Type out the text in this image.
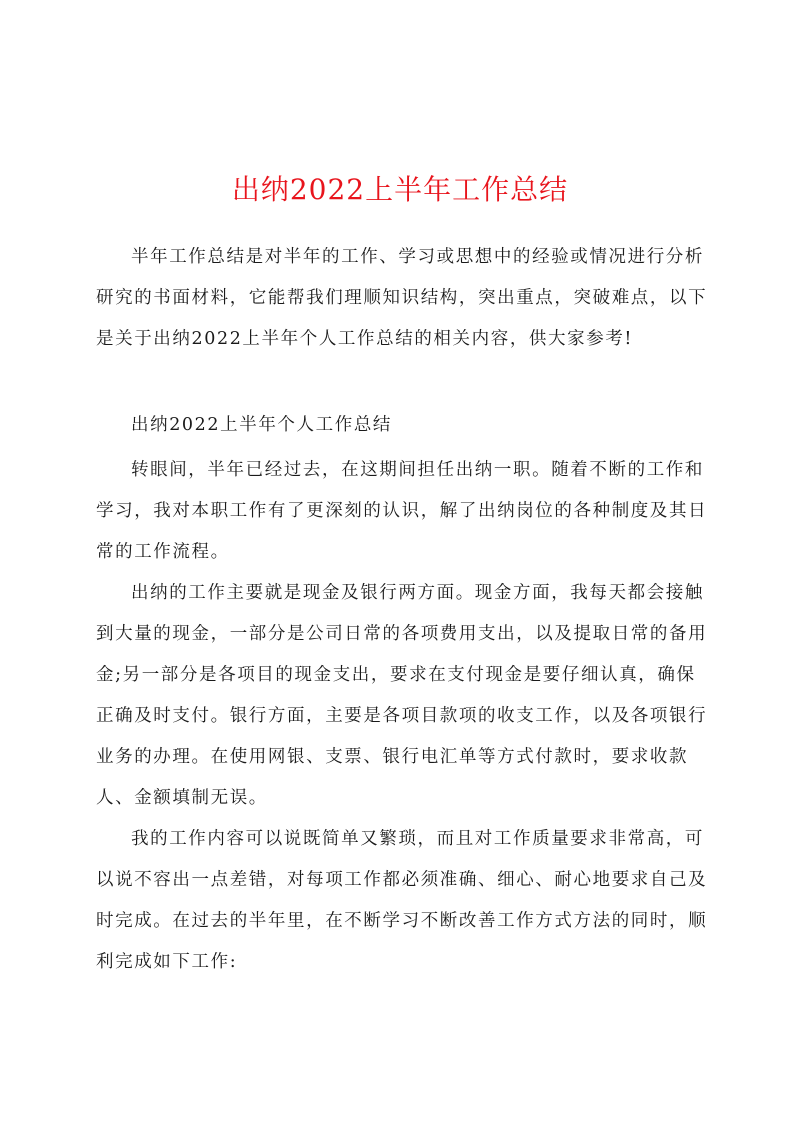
出纳2022上半年工作总结

半年工作总结是对半年的工作、学习或思想中的经验或情况进行分析研究的书面材料，它能帮我们理顺知识结构，突出重点，突破难点，以下是关于出纳2022上半年个人工作总结的相关内容，供大家参考!

出纳2022上半年个人工作总结

转眼间，半年已经过去，在这期间担任出纳一职。随着不断的工作和学习，我对本职工作有了更深刻的认识，解了出纳岗位的各种制度及其日常的工作流程。

出纳的工作主要就是现金及银行两方面。现金方面，我每天都会接触到大量的现金，一部分是公司日常的各项费用支出，以及提取日常的备用金;另一部分是各项目的现金支出，要求在支付现金是要仔细认真，确保正确及时支付。银行方面，主要是各项目款项的收支工作，以及各项银行业务的办理。在使用网银、支票、银行电汇单等方式付款时，要求收款人、金额填制无误。

我的工作内容可以说既简单又繁琐，而且对工作质量要求非常高，可以说不容出一点差错，对每项工作都必须准确、细心、耐心地要求自己及时完成。在过去的半年里，在不断学习不断改善工作方式方法的同时，顺利完成如下工作:
